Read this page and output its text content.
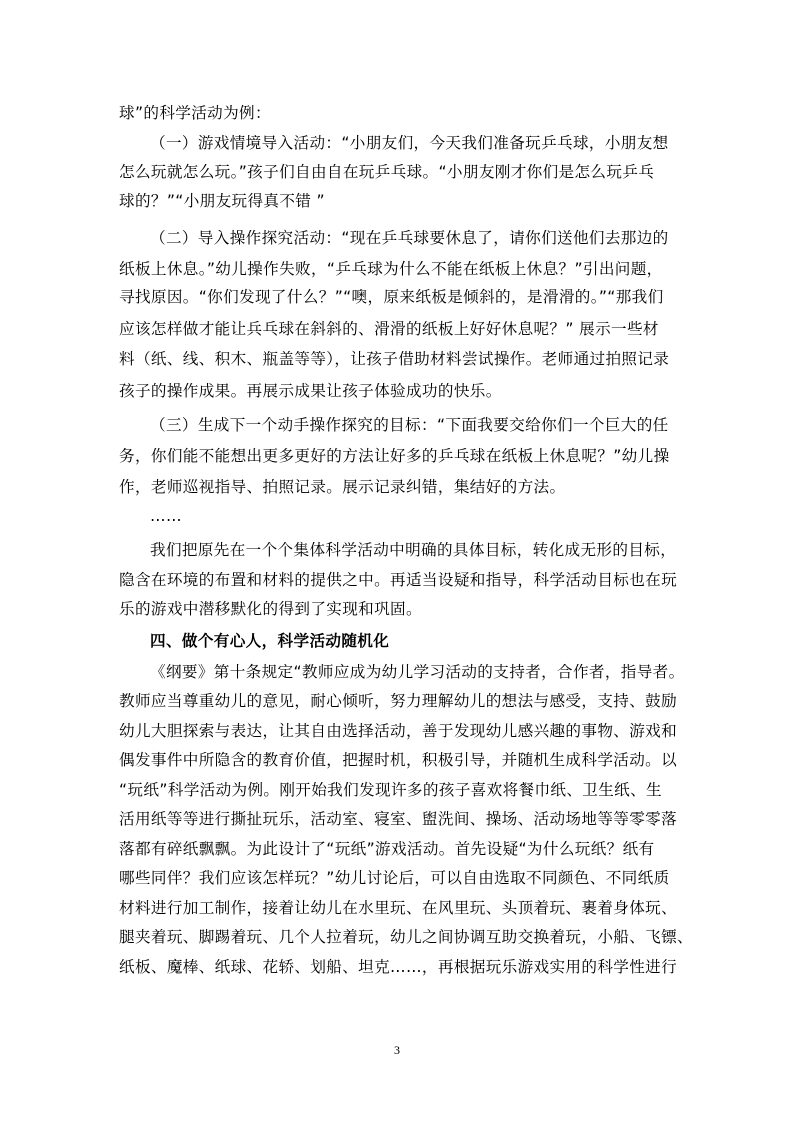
球”的科学活动为例：
（一）游戏情境导入活动：“小朋友们，今天我们准备玩乒乓球，小朋友想
怎么玩就怎么玩。”孩子们自由自在玩乒乓球。“小朋友刚才你们是怎么玩乒乓
球的？”“小朋友玩得真不错 ”
（二）导入操作探究活动：“现在乒乓球要休息了，请你们送他们去那边的
纸板上休息。”幼儿操作失败，“乒乓球为什么不能在纸板上休息？”引出问题，
寻找原因。“你们发现了什么？”“噢，原来纸板是倾斜的，是滑滑的。”“那我们
应该怎样做才能让兵乓球在斜斜的、滑滑的纸板上好好休息呢？” 展示一些材
料（纸、线、积木、瓶盖等等），让孩子借助材料尝试操作。老师通过拍照记录
孩子的操作成果。再展示成果让孩子体验成功的快乐。
（三）生成下一个动手操作探究的目标：“下面我要交给你们一个巨大的任
务，你们能不能想出更多更好的方法让好多的乒乓球在纸板上休息呢？”幼儿操
作，老师巡视指导、拍照记录。展示记录纠错，集结好的方法。
……
我们把原先在一个个集体科学活动中明确的具体目标，转化成无形的目标，
隐含在环境的布置和材料的提供之中。再适当设疑和指导，科学活动目标也在玩
乐的游戏中潜移默化的得到了实现和巩固。
四、做个有心人，科学活动随机化
《纲要》第十条规定“教师应成为幼儿学习活动的支持者，合作者，指导者。
教师应当尊重幼儿的意见，耐心倾听，努力理解幼儿的想法与感受，支持、鼓励
幼儿大胆探索与表达，让其自由选择活动，善于发现幼儿感兴趣的事物、游戏和
偶发事件中所隐含的教育价值，把握时机，积极引导，并随机生成科学活动。以
“玩纸”科学活动为例。刚开始我们发现许多的孩子喜欢将餐巾纸、卫生纸、生
活用纸等等进行撕扯玩乐，活动室、寝室、盥洗间、操场、活动场地等等零零落
落都有碎纸飘飘。为此设计了“玩纸”游戏活动。首先设疑“为什么玩纸？纸有
哪些同伴？我们应该怎样玩？”幼儿讨论后，可以自由选取不同颜色、不同纸质
材料进行加工制作，接着让幼儿在水里玩、在风里玩、头顶着玩、裹着身体玩、
腿夹着玩、脚踢着玩、几个人拉着玩，幼儿之间协调互助交换着玩，小船、飞镖、
纸板、魔棒、纸球、花轿、划船、坦克……，再根据玩乐游戏实用的科学性进行
3
